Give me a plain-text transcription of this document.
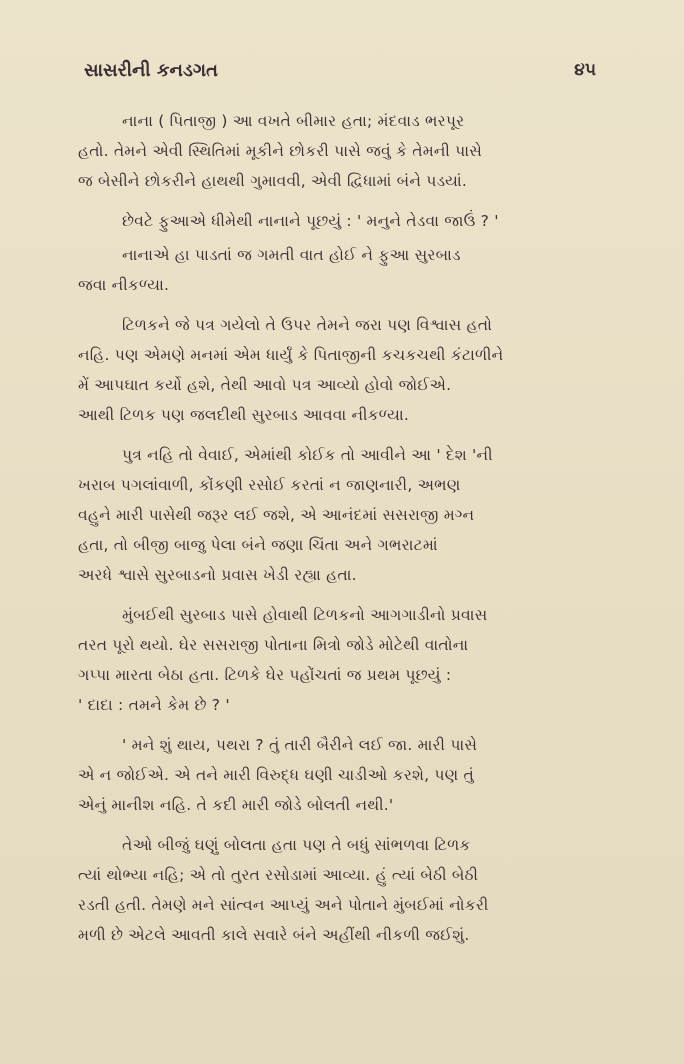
સાસરીની કનડગત	૪૫
નાના ( પિતાજી ) આ વખતે બીમાર હતા; મંદવાડ ભરપૂર
હતો. તેમને એવી સ્થિતિમાં મૂકીને છોકરી પાસે જવું કે તેમની પાસે
જ બેસીને છોકરીને હાથથી ગુમાવવી, એવી દ્વિધામાં બંને પડયાં.
છેવટે ફુઆએ ધીમેથી નાનાને પૂછયું : ' મનુને તેડવા જાઉં ? '
નાનાએ હા પાડતાં જ ગમતી વાત હોઈ ને ફુઆ સુરબાડ
જવા નીકળ્યા.
ટિળકને જે પત્ર ગયેલો તે ઉપર તેમને જરા પણ વિશ્વાસ હતો
નહિ. પણ એમણે મનમાં એમ ધાર્યું કે પિતાજીની કચકચથી કંટાળીને
મેં આપઘાત કર્યો હશે, તેથી આવો પત્ર આવ્યો હોવો જોઈએ.
આથી ટિળક પણ જલદીથી સુરબાડ આવવા નીકળ્યા.
પુત્ર નહિ તો વેવાઈ, એમાંથી કોઈક તો આવીને આ ' દેશ 'ની
ખરાબ પગલાંવાળી, કોંકણી રસોઈ કરતાં ન જાણનારી, અભણ
વહુને મારી પાસેથી જરૂર લઈ જશે, એ આનંદમાં સસરાજી મગ્ન
હતા, તો બીજી બાજુ પેલા બંને જણા ચિંતા અને ગભરાટમાં
અરધે શ્વાસે સુરબાડનો પ્રવાસ ખેડી રહ્યા હતા.
મુંબઈથી સુરબાડ પાસે હોવાથી ટિળકનો આગગાડીનો પ્રવાસ
તરત પૂરો થયો. ઘેર સસરાજી પોતાના મિત્રો જોડે મોટેથી વાતોના
ગપ્પા મારતા બેઠા હતા. ટિળકે ઘેર પહોંચતાં જ પ્રથમ પૂછયું :
' દાદા : તમને કેમ છે ? '
' મને શું થાય, પથરા ? તું તારી બૈરીને લઈ જા. મારી પાસે
એ ન જોઈએ. એ તને મારી વિરુદ્ધ ઘણી ચાડીઓ કરશે, પણ તું
એનું માનીશ નહિ. તે કદી મારી જોડે બોલતી નથી.'
તેઓ બીજું ઘણું બોલતા હતા પણ તે બધું સાંભળવા ટિળક
ત્યાં થોભ્યા નહિ; એ તો તુરત રસોડામાં આવ્યા. હું ત્યાં બેઠી બેઠી
રડતી હતી. તેમણે મને સાંત્વન આપ્યું અને પોતાને મુંબઈમાં નોકરી
મળી છે એટલે આવતી કાલે સવારે બંને અહીંથી નીકળી જઈશું.
